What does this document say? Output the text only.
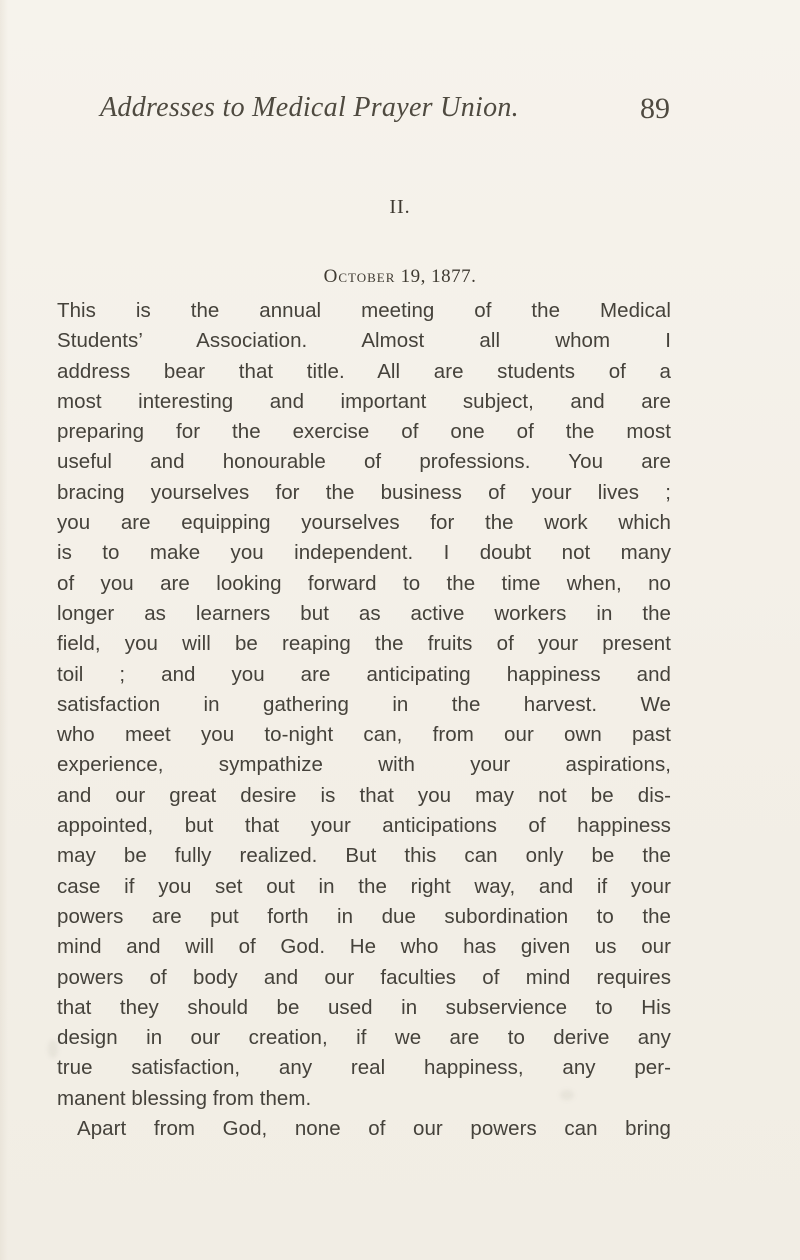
Addresses to Medical Prayer Union.	89
II.
October 19, 1877.
This is the annual meeting of the Medical
Students’ Association. Almost all whom I
address bear that title. All are students of a
most interesting and important subject, and are
preparing for the exercise of one of the most
useful and honourable of professions. You are
bracing yourselves for the business of your lives ;
you are equipping yourselves for the work which
is to make you independent. I doubt not many
of you are looking forward to the time when, no
longer as learners but as active workers in the
field, you will be reaping the fruits of your present
toil ; and you are anticipating happiness and
satisfaction in gathering in the harvest. We
who meet you to-night can, from our own past
experience, sympathize with your aspirations,
and our great desire is that you may not be dis-
appointed, but that your anticipations of happiness
may be fully realized. But this can only be the
case if you set out in the right way, and if your
powers are put forth in due subordination to the
mind and will of God. He who has given us our
powers of body and our faculties of mind requires
that they should be used in subservience to His
design in our creation, if we are to derive any
true satisfaction, any real happiness, any per-
manent blessing from them.
Apart from God, none of our powers can bring
